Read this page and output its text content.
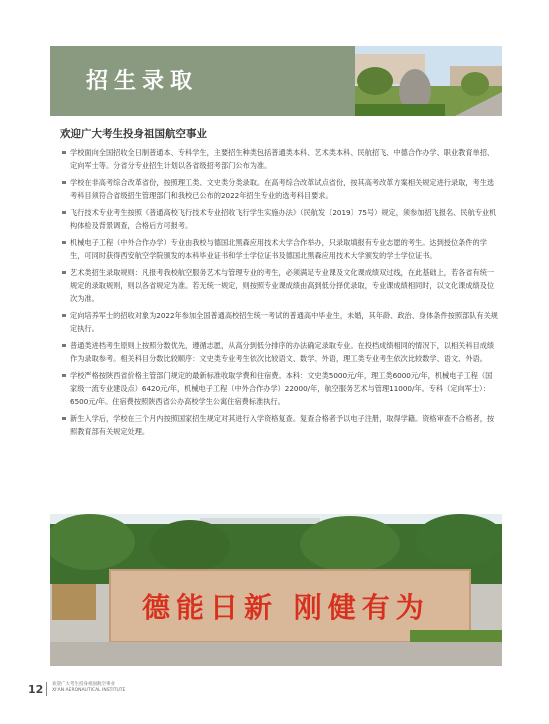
招生录取
欢迎广大考生投身祖国航空事业
学校面向全国招收全日制普通本、专科学生，主要招生种类包括普通类本科、艺术类本科、民航招飞、中德合作办学、职业教育单招、定向军士等。分省分专业招生计划以各省级招考部门公布为准。
学校在非高考综合改革省份，按照理工类、文史类分类录取。在高考综合改革试点省份，按其高考改革方案相关规定进行录取，考生选考科目须符合省级招生管理部门和我校已公布的2022年招生专业的选考科目要求。
飞行技术专业考生按照《普通高校飞行技术专业招收飞行学生实施办法》（民航发〔2019〕75号）规定，须参加招飞报名、民航专业机构体检及背景调查，合格后方可报考。
机械电子工程（中外合作办学）专业由我校与德国北黑森应用技术大学合作举办，只录取填报有专业志愿的考生。达到授位条件的学生，可同时获得西安航空学院颁发的本科毕业证书和学士学位证书及德国北黑森应用技术大学颁发的学士学位证书。
艺术类招生录取规则：凡报考我校航空服务艺术与管理专业的考生，必须满足专业课及文化课成绩双过线，在此基础上，若各省有统一规定的录取规则，则以各省规定为准。若无统一规定，则按照专业课成绩由高到低分择优录取，专业课成绩相同时，以文化课成绩及位次为准。
定向培养军士的招收对象为2022年参加全国普通高校招生统一考试的普通高中毕业生，未婚，其年龄、政治、身体条件按照部队有关规定执行。
普通类进档考生原则上按照分数优先，遵循志愿，从高分到低分排序的办法确定录取专业。在投档成绩相同的情况下，以相关科目成绩作为录取参考。相关科目分数比较顺序：文史类专业考生依次比较语文、数学、外语，理工类专业考生依次比较数学、语文、外语。
学校严格按陕西省价格主管部门规定的最新标准收取学费和住宿费。本科：文史类5000元/年，理工类6000元/年，机械电子工程（国家级一流专业建设点）6420元/年，机械电子工程（中外合作办学）22000/年，航空服务艺术与管理11000/年。专科（定向军士）：6500元/年。住宿费按照陕西省公办高校学生公寓住宿费标准执行。
新生入学后，学校在三个月内按照国家招生规定对其进行入学资格复查。复查合格者予以电子注册，取得学籍。资格审查不合格者，按照教育部有关规定处理。
德能日新 刚健有为
12 欢迎广大考生投身祖国航空事业
XI'AN AERONAUTICAL INSTITUTE
